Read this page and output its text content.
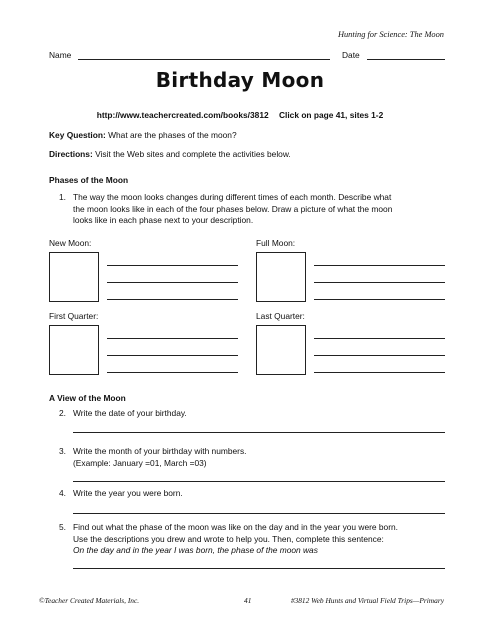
Hunting for Science: The Moon
Name	Date
Birthday Moon
http://www.teachercreated.com/books/3812 Click on page 41, sites 1-2
Key Question: What are the phases of the moon?
Directions: Visit the Web sites and complete the activities below.
Phases of the Moon
1. The way the moon looks changes during different times of each month. Describe what
the moon looks like in each of the four phases below. Draw a picture of what the moon
looks like in each phase next to your description.
New Moon:	Full Moon:
First Quarter:	Last Quarter:
A View of the Moon
2. Write the date of your birthday.
3. Write the month of your birthday with numbers.
(Example: January =01, March =03)
4. Write the year you were born.
5. Find out what the phase of the moon was like on the day and in the year you were born.
Use the descriptions you drew and wrote to help you. Then, complete this sentence:
On the day and in the year I was born, the phase of the moon was
©Teacher Created Materials, Inc.	41	#3812 Web Hunts and Virtual Field Trips—Primary
